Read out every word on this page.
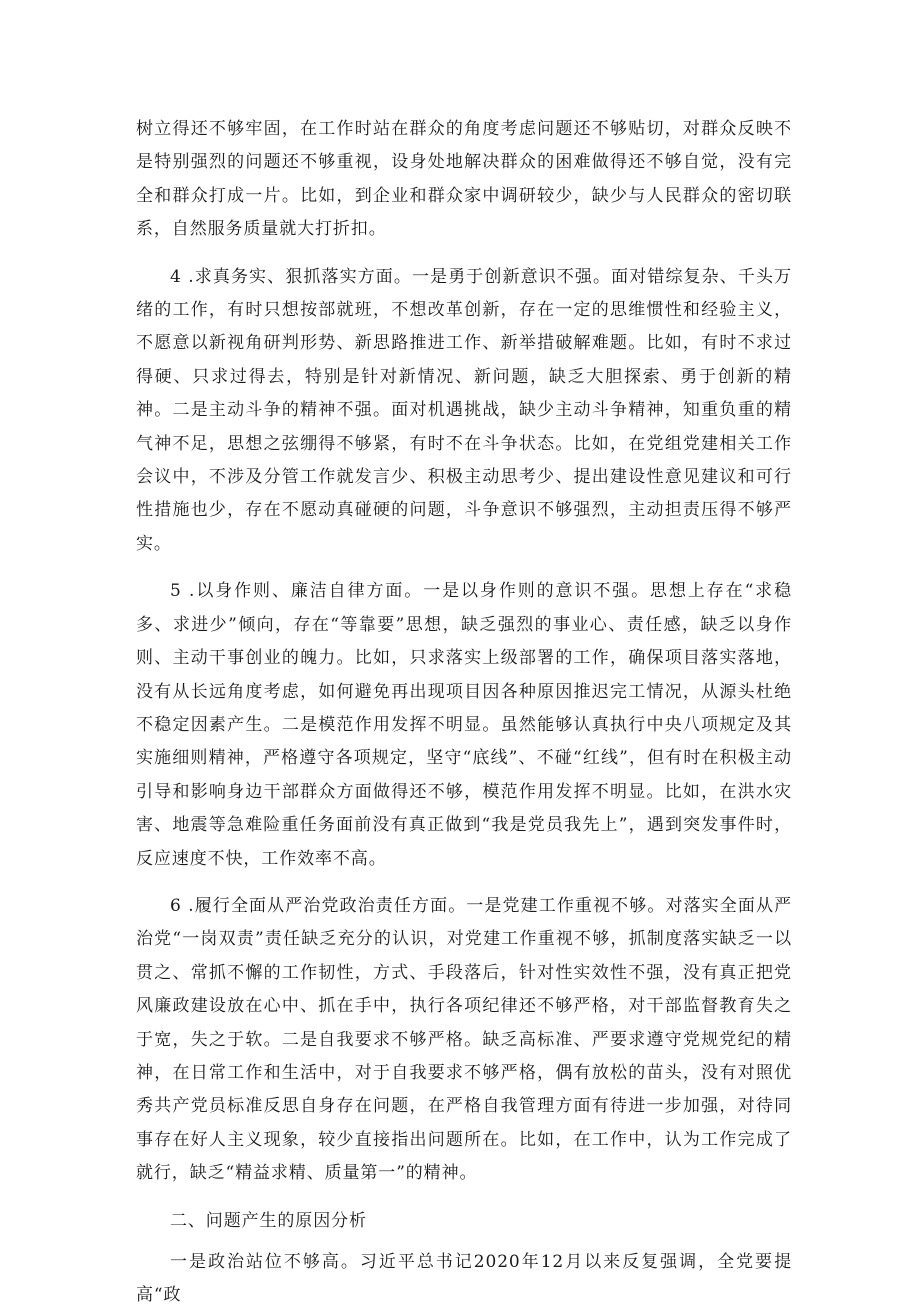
树立得还不够牢固，在工作时站在群众的角度考虑问题还不够贴切，对群众反映不是特别强烈的问题还不够重视，设身处地解决群众的困难做得还不够自觉，没有完全和群众打成一片。比如，到企业和群众家中调研较少，缺少与人民群众的密切联系，自然服务质量就大打折扣。

4 .求真务实、狠抓落实方面。一是勇于创新意识不强。面对错综复杂、千头万绪的工作，有时只想按部就班，不想改革创新，存在一定的思维惯性和经验主义，不愿意以新视角研判形势、新思路推进工作、新举措破解难题。比如，有时不求过得硬、只求过得去，特别是针对新情况、新问题，缺乏大胆探索、勇于创新的精神。二是主动斗争的精神不强。面对机遇挑战，缺少主动斗争精神，知重负重的精气神不足，思想之弦绷得不够紧，有时不在斗争状态。比如，在党组党建相关工作会议中，不涉及分管工作就发言少、积极主动思考少、提出建设性意见建议和可行性措施也少，存在不愿动真碰硬的问题，斗争意识不够强烈，主动担责压得不够严实。

5 .以身作则、廉洁自律方面。一是以身作则的意识不强。思想上存在“求稳多、求进少”倾向，存在“等靠要”思想，缺乏强烈的事业心、责任感，缺乏以身作则、主动干事创业的魄力。比如，只求落实上级部署的工作，确保项目落实落地，没有从长远角度考虑，如何避免再出现项目因各种原因推迟完工情况，从源头杜绝不稳定因素产生。二是模范作用发挥不明显。虽然能够认真执行中央八项规定及其实施细则精神，严格遵守各项规定，坚守“底线”、不碰“红线”，但有时在积极主动引导和影响身边干部群众方面做得还不够，模范作用发挥不明显。比如，在洪水灾害、地震等急难险重任务面前没有真正做到“我是党员我先上”，遇到突发事件时，反应速度不快，工作效率不高。

6 .履行全面从严治党政治责任方面。一是党建工作重视不够。对落实全面从严治党“一岗双责”责任缺乏充分的认识，对党建工作重视不够，抓制度落实缺乏一以贯之、常抓不懈的工作韧性，方式、手段落后，针对性实效性不强，没有真正把党风廉政建设放在心中、抓在手中，执行各项纪律还不够严格，对干部监督教育失之于宽，失之于软。二是自我要求不够严格。缺乏高标准、严要求遵守党规党纪的精神，在日常工作和生活中，对于自我要求不够严格，偶有放松的苗头，没有对照优秀共产党员标准反思自身存在问题，在严格自我管理方面有待进一步加强，对待同事存在好人主义现象，较少直接指出问题所在。比如，在工作中，认为工作完成了就行，缺乏“精益求精、质量第一”的精神。

二、问题产生的原因分析

一是政治站位不够高。习近平总书记2020年12月以来反复强调，全党要提高“政
